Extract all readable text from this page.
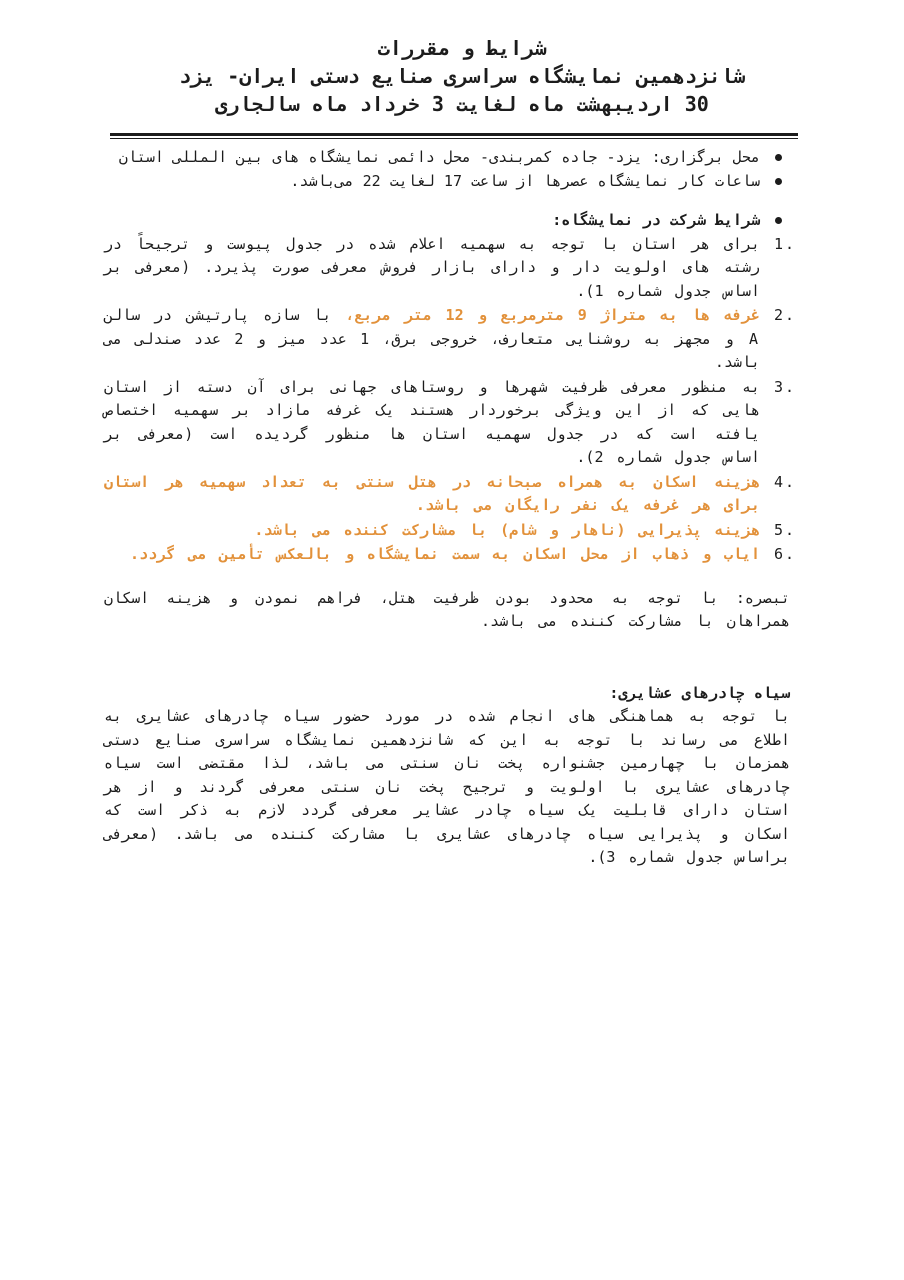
شرایط و مقررات
شانزدهمین نمایشگاه سراسری صنایع دستی ایران- یزد
30 اردیبهشت ماه لغایت 3 خرداد ماه سالجاری
محل برگزاری: یزد- جاده کمربندی- محل دائمی نمایشگاه های بین المللی استان
ساعات کار نمایشگاه عصرها از ساعت 17 لغایت 22 می‌باشد.
شرایط شرکت در نمایشگاه:
1.
برای هر استان با توجه به سهمیه اعلام شده در جدول پیوست و ترجیحاً در رشته های اولویت دار و دارای بازار فروش معرفی صورت پذیرد. (معرفی بر اساس جدول شماره 1).
2.
غرفه ها به متراژ 9 مترمربع و 12 متر مربع، با سازه پارتیشن در سالن A و مجهز به روشنایی متعارف، خروجی برق، 1 عدد میز و 2 عدد صندلی می باشد.
3.
به منظور معرفی ظرفیت شهرها و روستاهای جهانی برای آن دسته از استان هایی که از این ویژگی برخوردار هستند یک غرفه مازاد بر سهمیه اختصاص یافته است که در جدول سهمیه استان ها منظور گردیده است (معرفی بر اساس جدول شماره 2).
4.
هزینه اسکان به همراه صبحانه در هتل سنتی به تعداد سهمیه هر استان برای هر غرفه یک نفر رایگان می باشد.
5.
هزینه پذیرایی (ناهار و شام) با مشارکت کننده می باشد.
6.
ایاب و ذهاب از محل اسکان به سمت نمایشگاه و بالعکس تأمین می گردد.
تبصره: با توجه به محدود بودن ظرفیت هتل، فراهم نمودن و هزینه اسکان همراهان با مشارکت کننده می باشد.
سیاه چادرهای عشایری:
با توجه به هماهنگی های انجام شده در مورد حضور سیاه چادرهای عشایری به اطلاع می رساند با توجه به این که شانزدهمین نمایشگاه سراسری صنایع دستی همزمان با چهارمین جشنواره پخت نان سنتی می باشد، لذا مقتضی است سیاه چادرهای عشایری با اولویت و ترجیح پخت نان سنتی معرفی گردند و از هر استان دارای قابلیت یک سیاه چادر عشایر معرفی گردد لازم به ذکر است که اسکان و پذیرایی سیاه چادرهای عشایری با مشارکت کننده می باشد. (معرفی براساس جدول شماره 3).
